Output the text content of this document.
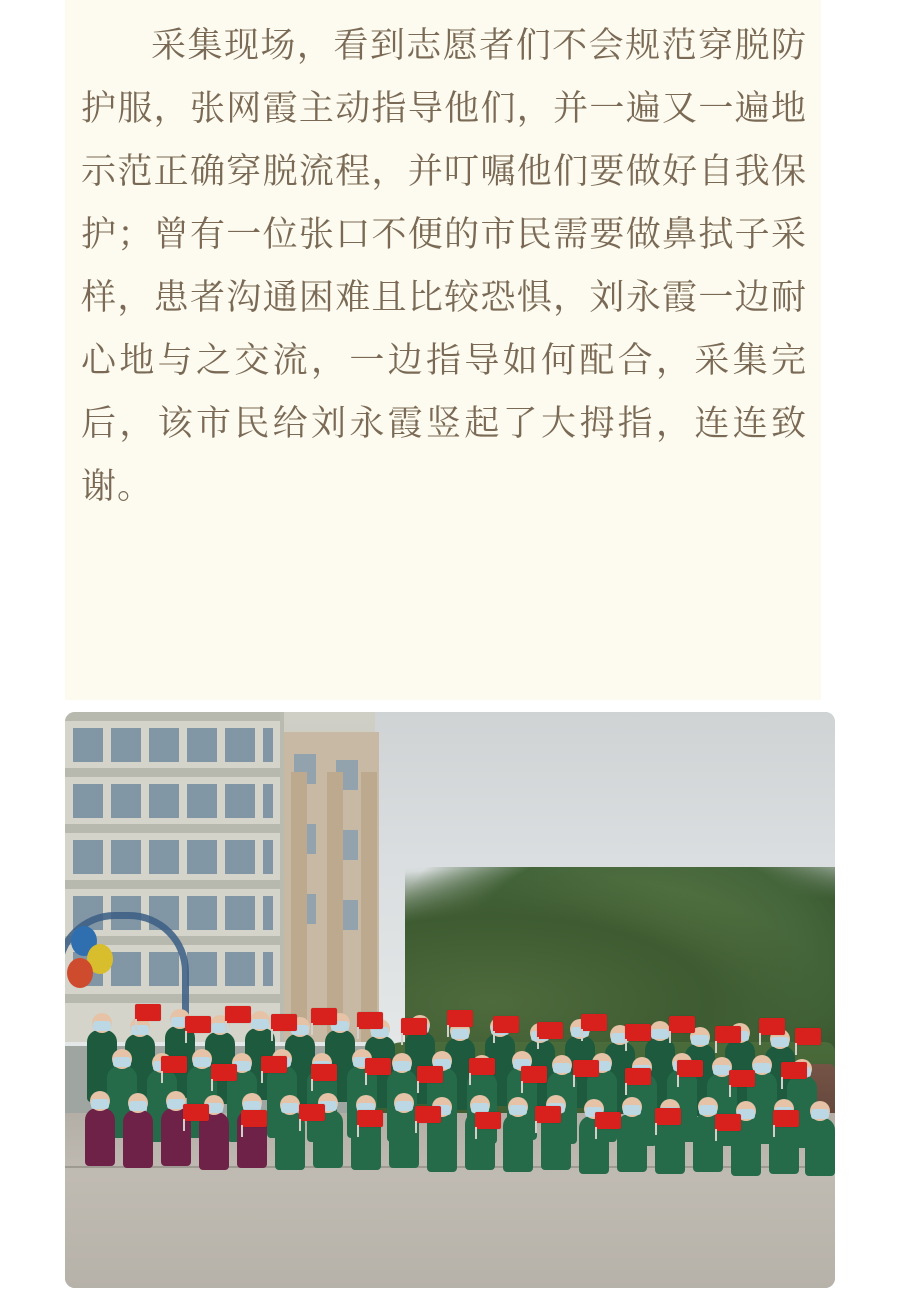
采集现场，看到志愿者们不会规范穿脱防护服，张网霞主动指导他们，并一遍又一遍地示范正确穿脱流程，并叮嘱他们要做好自我保护；曾有一位张口不便的市民需要做鼻拭子采样，患者沟通困难且比较恐惧，刘永霞一边耐心地与之交流，一边指导如何配合，采集完后，该市民给刘永霞竖起了大拇指，连连致谢。
